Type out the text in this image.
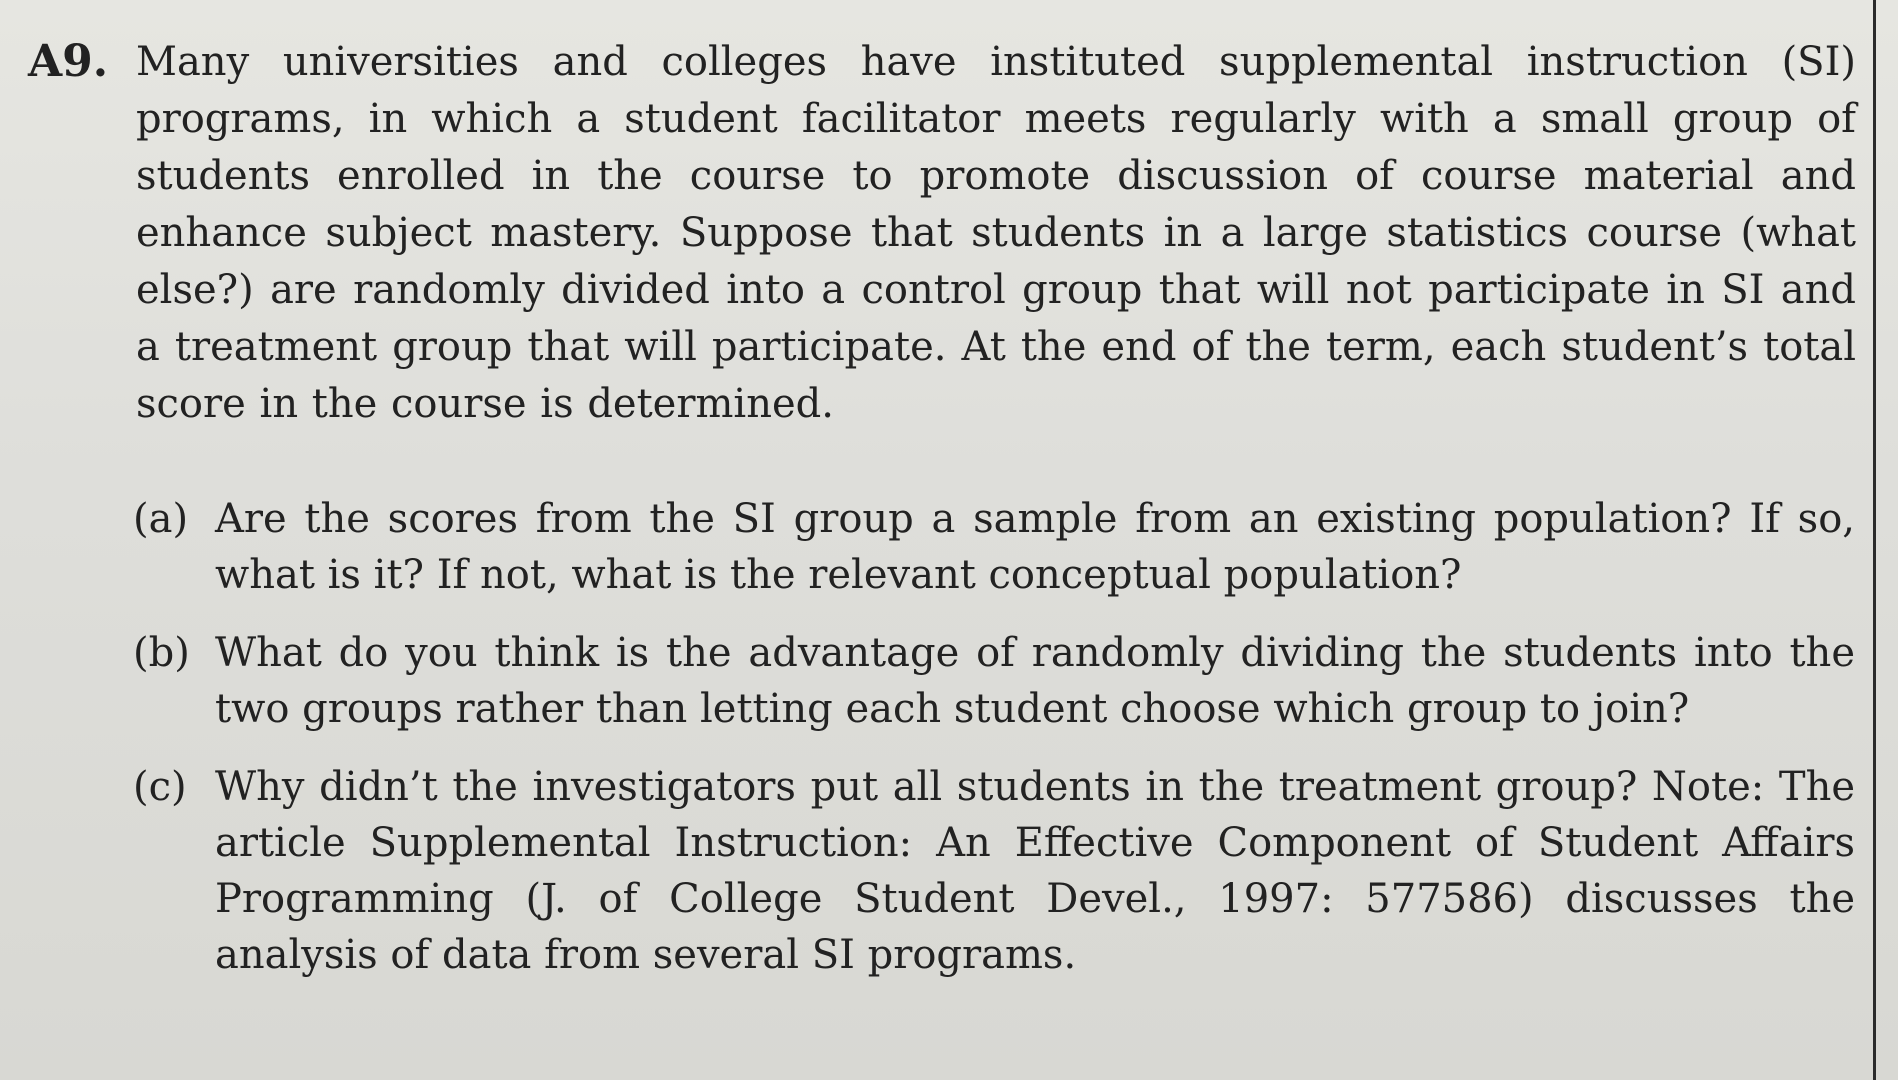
A9. Many universities and colleges have instituted supplemental instruction (SI) programs, in which a student facilitator meets regularly with a small group of students enrolled in the course to promote discussion of course material and enhance subject mastery. Suppose that students in a large statistics course (what else?) are randomly divided into a control group that will not participate in SI and a treatment group that will participate. At the end of the term, each student’s total score in the course is determined.
(a) Are the scores from the SI group a sample from an existing population? If so, what is it? If not, what is the relevant conceptual population?
(b) What do you think is the advantage of randomly dividing the students into the two groups rather than letting each student choose which group to join?
(c) Why didn’t the investigators put all students in the treatment group? Note: The article Supplemental Instruction: An Effective Component of Student Affairs Programming (J. of College Student Devel., 1997: 577586) discusses the analysis of data from several SI programs.
